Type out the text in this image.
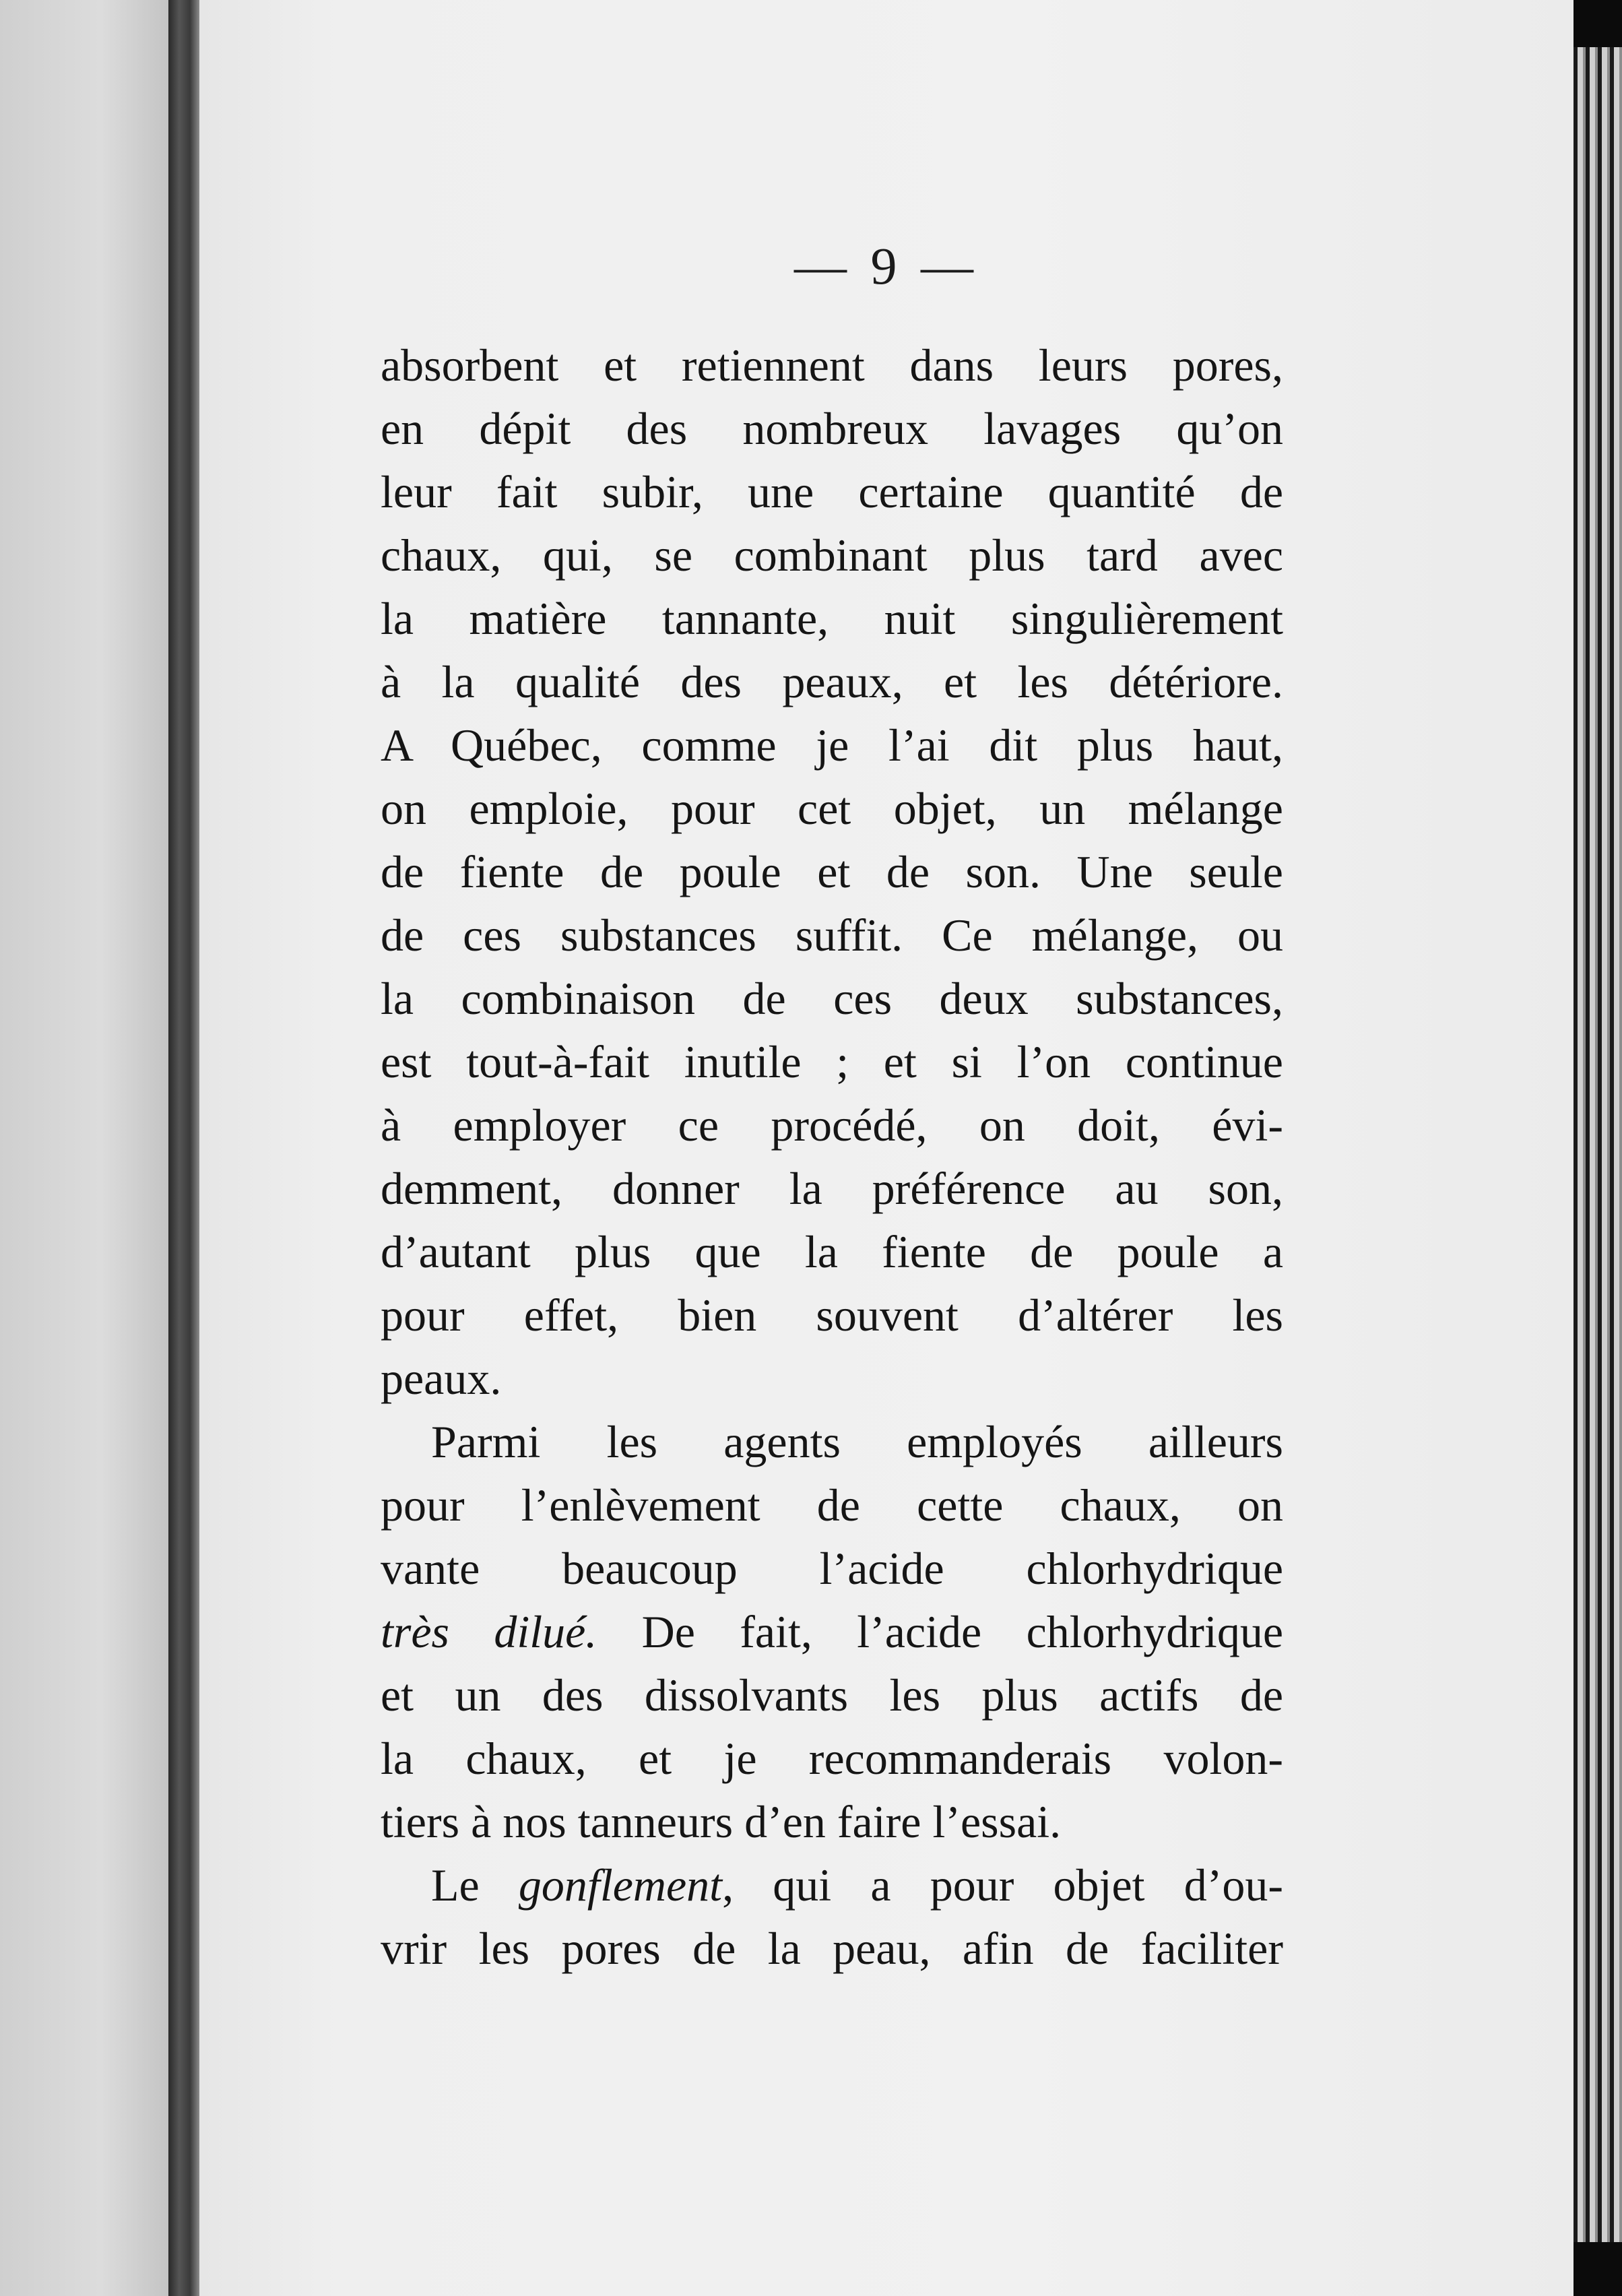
— 9 —
absorbent et retiennent dans leurs pores,
en dépit des nombreux lavages qu’on
leur fait subir, une certaine quantité de
chaux, qui, se combinant plus tard avec
la matière tannante, nuit singulièrement
à la qualité des peaux, et les détériore.
A Québec, comme je l’ai dit plus haut,
on emploie, pour cet objet, un mélange
de fiente de poule et de son. Une seule
de ces substances suffit. Ce mélange, ou
la combinaison de ces deux substances,
est tout-à-fait inutile ; et si l’on continue
à employer ce procédé, on doit, évi-
demment, donner la préférence au son,
d’autant plus que la fiente de poule a
pour effet, bien souvent d’altérer les
peaux.
Parmi les agents employés ailleurs
pour l’enlèvement de cette chaux, on
vante beaucoup l’acide chlorhydrique
très dilué. De fait, l’acide chlorhydrique
et un des dissolvants les plus actifs de
la chaux, et je recommanderais volon-
tiers à nos tanneurs d’en faire l’essai.
Le gonflement, qui a pour objet d’ou-
vrir les pores de la peau, afin de faciliter
